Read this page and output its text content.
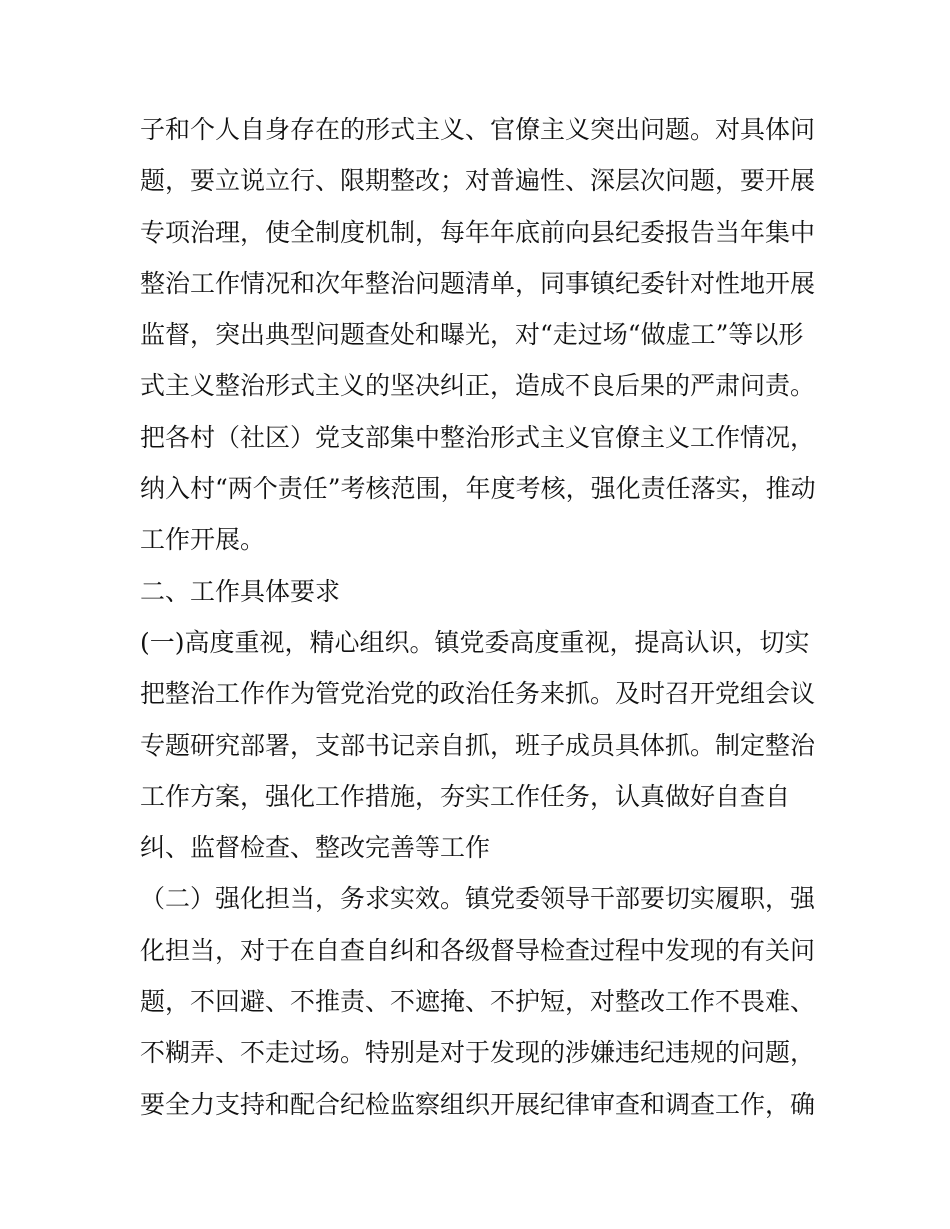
子和个人自身存在的形式主义、官僚主义突出问题。对具体问
题，要立说立行、限期整改；对普遍性、深层次问题，要开展
专项治理，使全制度机制，每年年底前向县纪委报告当年集中
整治工作情况和次年整治问题清单，同事镇纪委针对性地开展
监督，突出典型问题查处和曝光，对“走过场“做虚工”等以形
式主义整治形式主义的坚决纠正，造成不良后果的严肃问责。
把各村（社区）党支部集中整治形式主义官僚主义工作情况，
纳入村“两个责任”考核范围，年度考核，强化责任落实，推动
工作开展。
二、工作具体要求
(一)高度重视，精心组织。镇党委高度重视，提高认识，切实
把整治工作作为管党治党的政治任务来抓。及时召开党组会议
专题研究部署，支部书记亲自抓，班子成员具体抓。制定整治
工作方案，强化工作措施，夯实工作任务，认真做好自查自
纠、监督检查、整改完善等工作
（二）强化担当，务求实效。镇党委领导干部要切实履职，强
化担当，对于在自查自纠和各级督导检查过程中发现的有关问
题，不回避、不推责、不遮掩、不护短，对整改工作不畏难、
不糊弄、不走过场。特别是对于发现的涉嫌违纪违规的问题，
要全力支持和配合纪检监察组织开展纪律审查和调查工作，确
